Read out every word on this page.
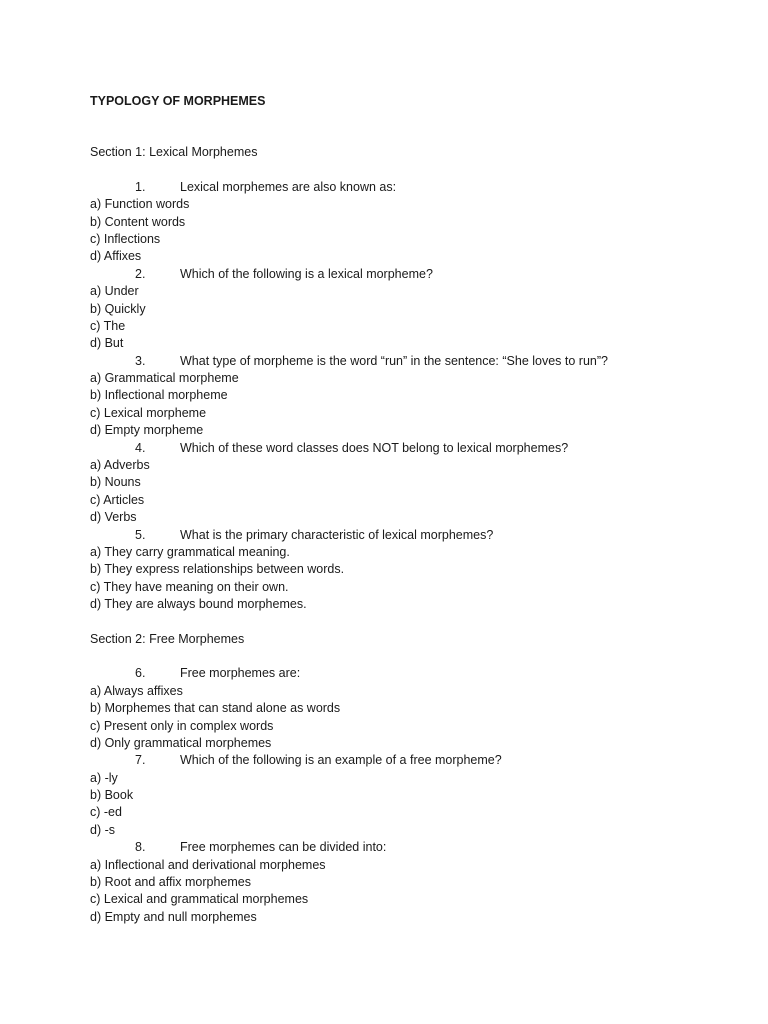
TYPOLOGY OF MORPHEMES
Section 1: Lexical Morphemes
1.	Lexical morphemes are also known as:
a) Function words
b) Content words
c) Inflections
d) Affixes
2.	Which of the following is a lexical morpheme?
a) Under
b) Quickly
c) The
d) But
3.	What type of morpheme is the word “run” in the sentence: “She loves to run”?
a) Grammatical morpheme
b) Inflectional morpheme
c) Lexical morpheme
d) Empty morpheme
4.	Which of these word classes does NOT belong to lexical morphemes?
a) Adverbs
b) Nouns
c) Articles
d) Verbs
5.	What is the primary characteristic of lexical morphemes?
a) They carry grammatical meaning.
b) They express relationships between words.
c) They have meaning on their own.
d) They are always bound morphemes.
Section 2: Free Morphemes
6.	Free morphemes are:
a) Always affixes
b) Morphemes that can stand alone as words
c) Present only in complex words
d) Only grammatical morphemes
7.	Which of the following is an example of a free morpheme?
a) -ly
b) Book
c) -ed
d) -s
8.	Free morphemes can be divided into:
a) Inflectional and derivational morphemes
b) Root and affix morphemes
c) Lexical and grammatical morphemes
d) Empty and null morphemes
